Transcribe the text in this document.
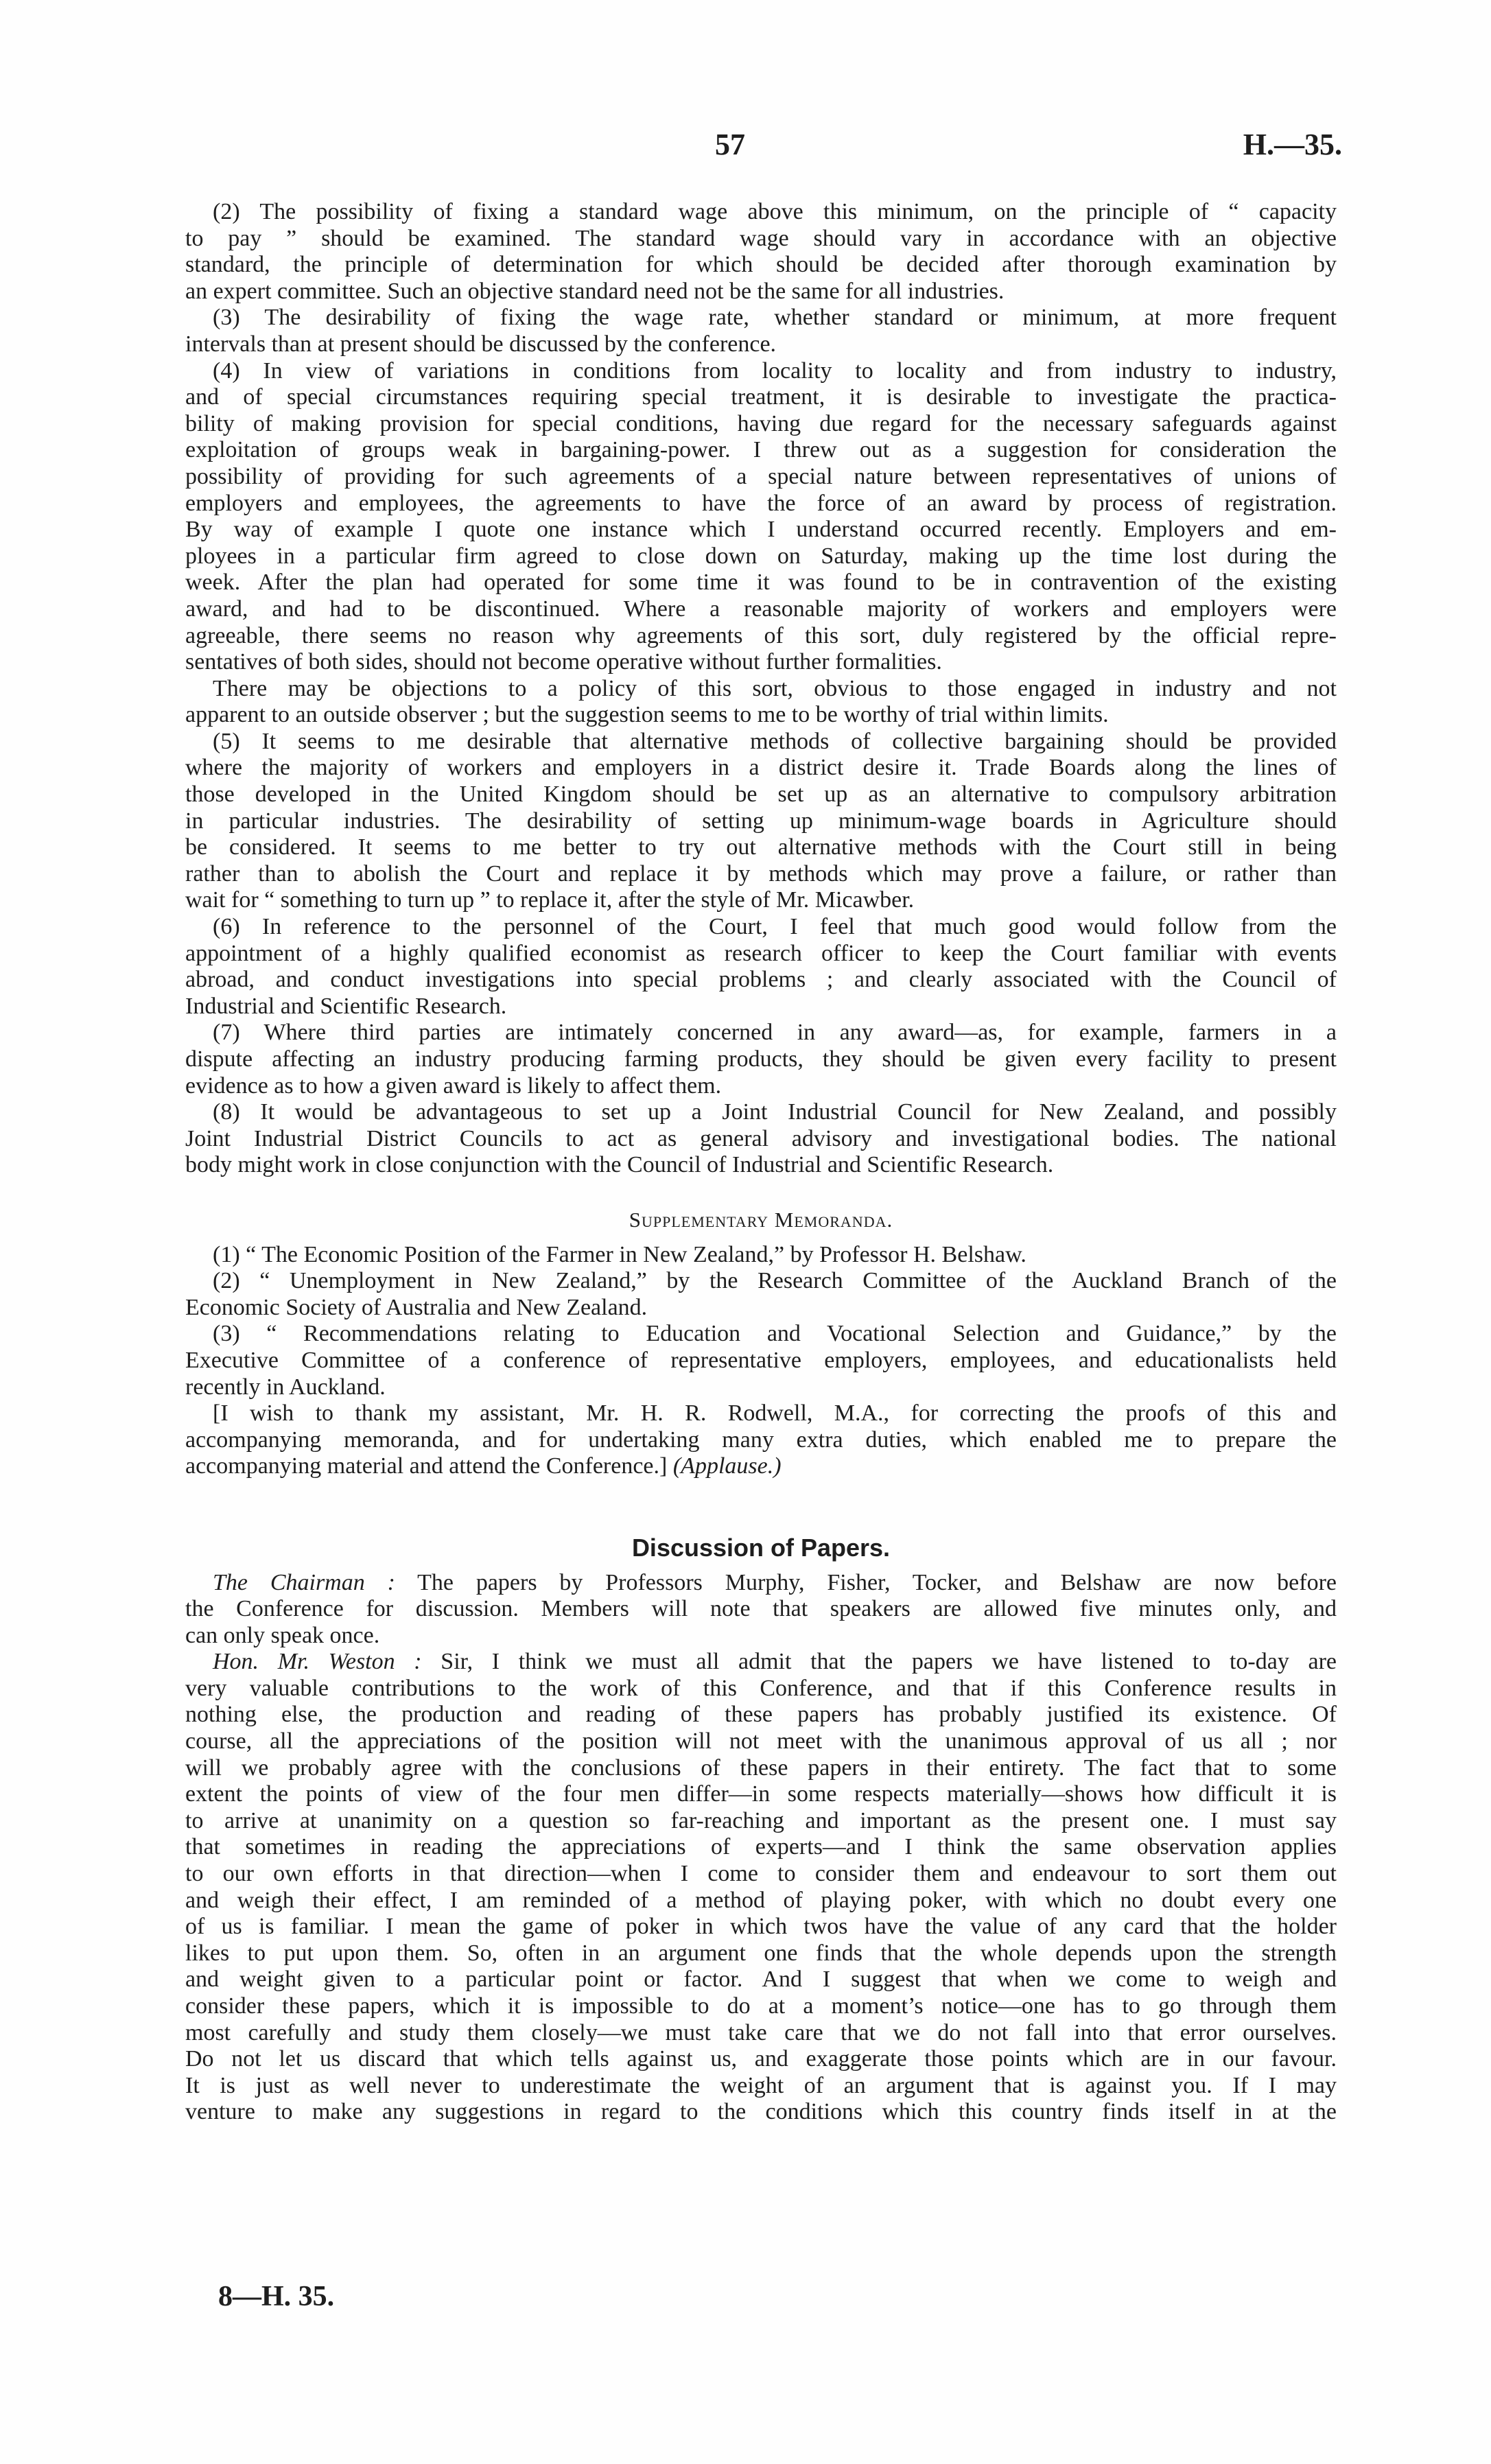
57	H.—35.
(2) The possibility of fixing a standard wage above this minimum, on the principle of “ capacity
to pay ” should be examined. The standard wage should vary in accordance with an objective
standard, the principle of determination for which should be decided after thorough examination by
an expert committee. Such an objective standard need not be the same for all industries.
(3) The desirability of fixing the wage rate, whether standard or minimum, at more frequent
intervals than at present should be discussed by the conference.
(4) In view of variations in conditions from locality to locality and from industry to industry,
and of special circumstances requiring special treatment, it is desirable to investigate the practica-
bility of making provision for special conditions, having due regard for the necessary safeguards against
exploitation of groups weak in bargaining-power. I threw out as a suggestion for consideration the
possibility of providing for such agreements of a special nature between representatives of unions of
employers and employees, the agreements to have the force of an award by process of registration.
By way of example I quote one instance which I understand occurred recently. Employers and em-
ployees in a particular firm agreed to close down on Saturday, making up the time lost during the
week. After the plan had operated for some time it was found to be in contravention of the existing
award, and had to be discontinued. Where a reasonable majority of workers and employers were
agreeable, there seems no reason why agreements of this sort, duly registered by the official repre-
sentatives of both sides, should not become operative without further formalities.
There may be objections to a policy of this sort, obvious to those engaged in industry and not
apparent to an outside observer ; but the suggestion seems to me to be worthy of trial within limits.
(5) It seems to me desirable that alternative methods of collective bargaining should be provided
where the majority of workers and employers in a district desire it. Trade Boards along the lines of
those developed in the United Kingdom should be set up as an alternative to compulsory arbitration
in particular industries. The desirability of setting up minimum-wage boards in Agriculture should
be considered. It seems to me better to try out alternative methods with the Court still in being
rather than to abolish the Court and replace it by methods which may prove a failure, or rather than
wait for “ something to turn up ” to replace it, after the style of Mr. Micawber.
(6) In reference to the personnel of the Court, I feel that much good would follow from the
appointment of a highly qualified economist as research officer to keep the Court familiar with events
abroad, and conduct investigations into special problems ; and clearly associated with the Council of
Industrial and Scientific Research.
(7) Where third parties are intimately concerned in any award—as, for example, farmers in a
dispute affecting an industry producing farming products, they should be given every facility to present
evidence as to how a given award is likely to affect them.
(8) It would be advantageous to set up a Joint Industrial Council for New Zealand, and possibly
Joint Industrial District Councils to act as general advisory and investigational bodies. The national
body might work in close conjunction with the Council of Industrial and Scientific Research.
Supplementary Memoranda.
(1) “ The Economic Position of the Farmer in New Zealand,” by Professor H. Belshaw.
(2) “ Unemployment in New Zealand,” by the Research Committee of the Auckland Branch of the
Economic Society of Australia and New Zealand.
(3) “ Recommendations relating to Education and Vocational Selection and Guidance,” by the
Executive Committee of a conference of representative employers, employees, and educationalists held
recently in Auckland.
[I wish to thank my assistant, Mr. H. R. Rodwell, M.A., for correcting the proofs of this and
accompanying memoranda, and for undertaking many extra duties, which enabled me to prepare the
accompanying material and attend the Conference.] (Applause.)
Discussion of Papers.
The Chairman : The papers by Professors Murphy, Fisher, Tocker, and Belshaw are now before
the Conference for discussion. Members will note that speakers are allowed five minutes only, and
can only speak once.
Hon. Mr. Weston : Sir, I think we must all admit that the papers we have listened to to-day are
very valuable contributions to the work of this Conference, and that if this Conference results in
nothing else, the production and reading of these papers has probably justified its existence. Of
course, all the appreciations of the position will not meet with the unanimous approval of us all ; nor
will we probably agree with the conclusions of these papers in their entirety. The fact that to some
extent the points of view of the four men differ—in some respects materially—shows how difficult it is
to arrive at unanimity on a question so far-reaching and important as the present one. I must say
that sometimes in reading the appreciations of experts—and I think the same observation applies
to our own efforts in that direction—when I come to consider them and endeavour to sort them out
and weigh their effect, I am reminded of a method of playing poker, with which no doubt every one
of us is familiar. I mean the game of poker in which twos have the value of any card that the holder
likes to put upon them. So, often in an argument one finds that the whole depends upon the strength
and weight given to a particular point or factor. And I suggest that when we come to weigh and
consider these papers, which it is impossible to do at a moment’s notice—one has to go through them
most carefully and study them closely—we must take care that we do not fall into that error ourselves.
Do not let us discard that which tells against us, and exaggerate those points which are in our favour.
It is just as well never to underestimate the weight of an argument that is against you. If I may
venture to make any suggestions in regard to the conditions which this country finds itself in at the
8—H. 35.
